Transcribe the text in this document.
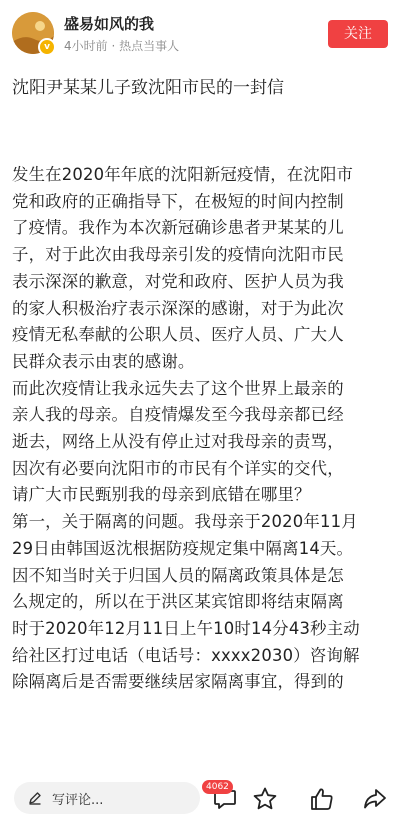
v
盛易如风的我
4小时前 · 热点当事人
关注
沈阳尹某某儿子致沈阳市民的一封信

发生在2020年年底的沈阳新冠疫情，在沈阳市

党和政府的正确指导下，在极短的时间内控制

了疫情。我作为本次新冠确诊患者尹某某的儿

子，对于此次由我母亲引发的疫情向沈阳市民

表示深深的歉意，对党和政府、医护人员为我

的家人积极治疗表示深深的感谢，对于为此次

疫情无私奉献的公职人员、医疗人员、广大人

民群众表示由衷的感谢。

而此次疫情让我永远失去了这个世界上最亲的

亲人我的母亲。自疫情爆发至今我母亲都已经

逝去，网络上从没有停止过对我母亲的责骂，

因次有必要向沈阳市的市民有个详实的交代，

请广大市民甄别我的母亲到底错在哪里？

第一，关于隔离的问题。我母亲于2020年11月

29日由韩国返沈根据防疫规定集中隔离14天。

因不知当时关于归国人员的隔离政策具体是怎

么规定的，所以在于洪区某宾馆即将结束隔离

时于2020年12月11日上午10时14分43秒主动

给社区打过电话（电话号：xxxx2030）咨询解

除隔离后是否需要继续居家隔离事宜，得到的

写评论...
4062
